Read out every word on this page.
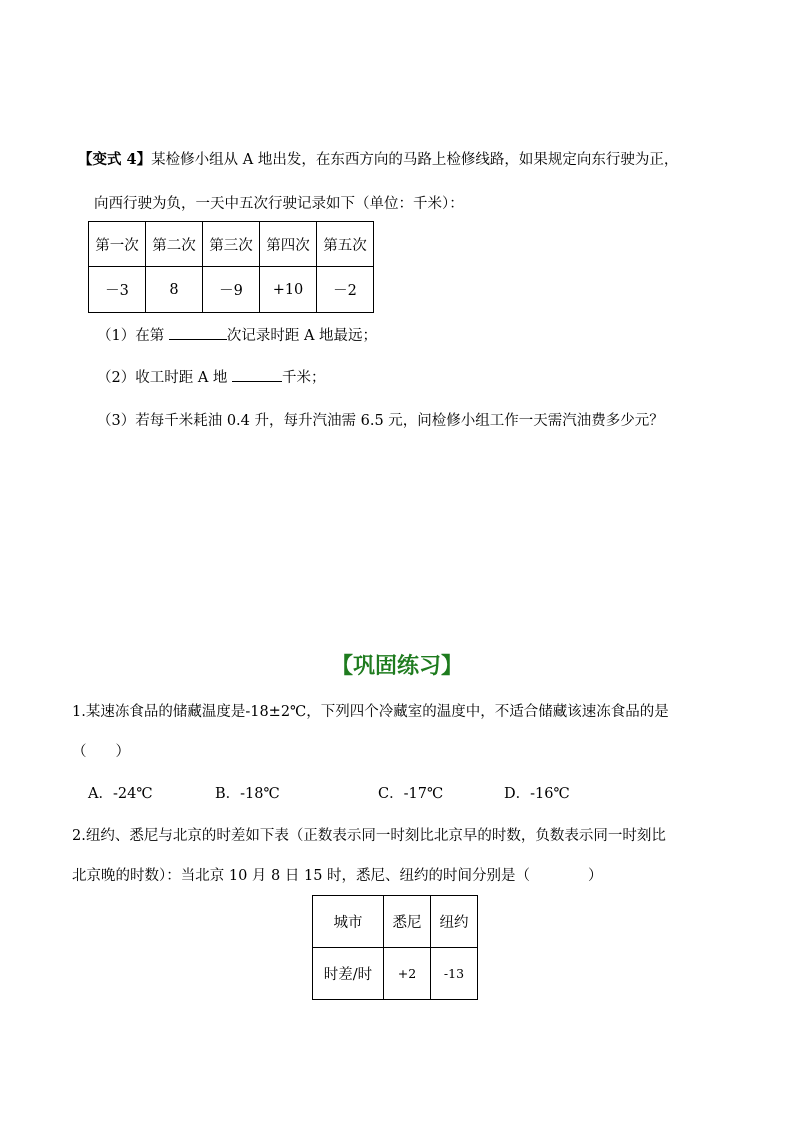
【变式 4】某检修小组从 A 地出发，在东西方向的马路上检修线路，如果规定向东行驶为正，
向西行驶为负，一天中五次行驶记录如下（单位：千米）：
第一次	第二次	第三次	第四次	第五次
－3	8	－9	+10	－2
（1）在第	次记录时距 A 地最远；
（2）收工时距 A 地	千米；
（3）若每千米耗油 0.4 升，每升汽油需 6.5 元，问检修小组工作一天需汽油费多少元？
【巩固练习】
1.某速冻食品的储藏温度是-18±2℃，下列四个冷藏室的温度中，不适合储藏该速冻食品的是
（　　）
A．-24℃	B．-18℃	C．-17℃	D．-16℃
2.纽约、悉尼与北京的时差如下表（正数表示同一时刻比北京早的时数，负数表示同一时刻比
北京晚的时数）：当北京 10 月 8 日 15 时，悉尼、纽约的时间分别是（　　　　）
城市	悉尼	纽约
时差/时	+2	-13
